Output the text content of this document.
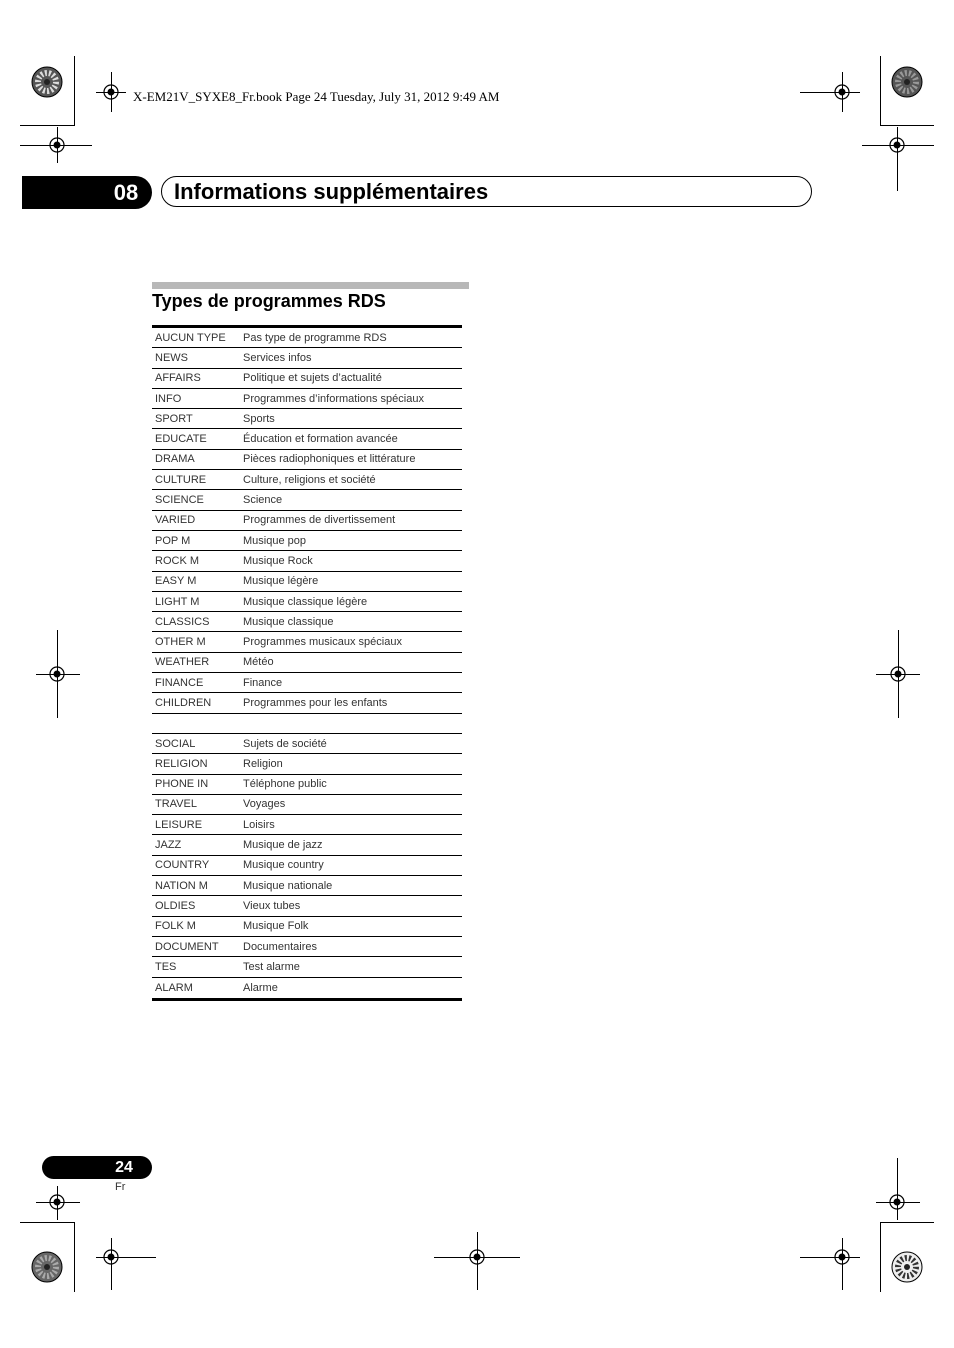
X-EM21V_SYXE8_Fr.book Page 24 Tuesday, July 31, 2012 9:49 AM
08	Informations supplémentaires
Types de programmes RDS
AUCUN TYPE	Pas type de programme RDS
NEWS	Services infos
AFFAIRS	Politique et sujets d’actualité
INFO	Programmes d’informations spéciaux
SPORT	Sports
EDUCATE	Éducation et formation avancée
DRAMA	Pièces radiophoniques et littérature
CULTURE	Culture, religions et société
SCIENCE	Science
VARIED	Programmes de divertissement
POP M	Musique pop
ROCK M	Musique Rock
EASY M	Musique légère
LIGHT M	Musique classique légère
CLASSICS	Musique classique
OTHER M	Programmes musicaux spéciaux
WEATHER	Météo
FINANCE	Finance
CHILDREN	Programmes pour les enfants
SOCIAL	Sujets de société
RELIGION	Religion
PHONE IN	Téléphone public
TRAVEL	Voyages
LEISURE	Loisirs
JAZZ	Musique de jazz
COUNTRY	Musique country
NATION M	Musique nationale
OLDIES	Vieux tubes
FOLK M	Musique Folk
DOCUMENT	Documentaires
TES	Test alarme
ALARM	Alarme
24
Fr
